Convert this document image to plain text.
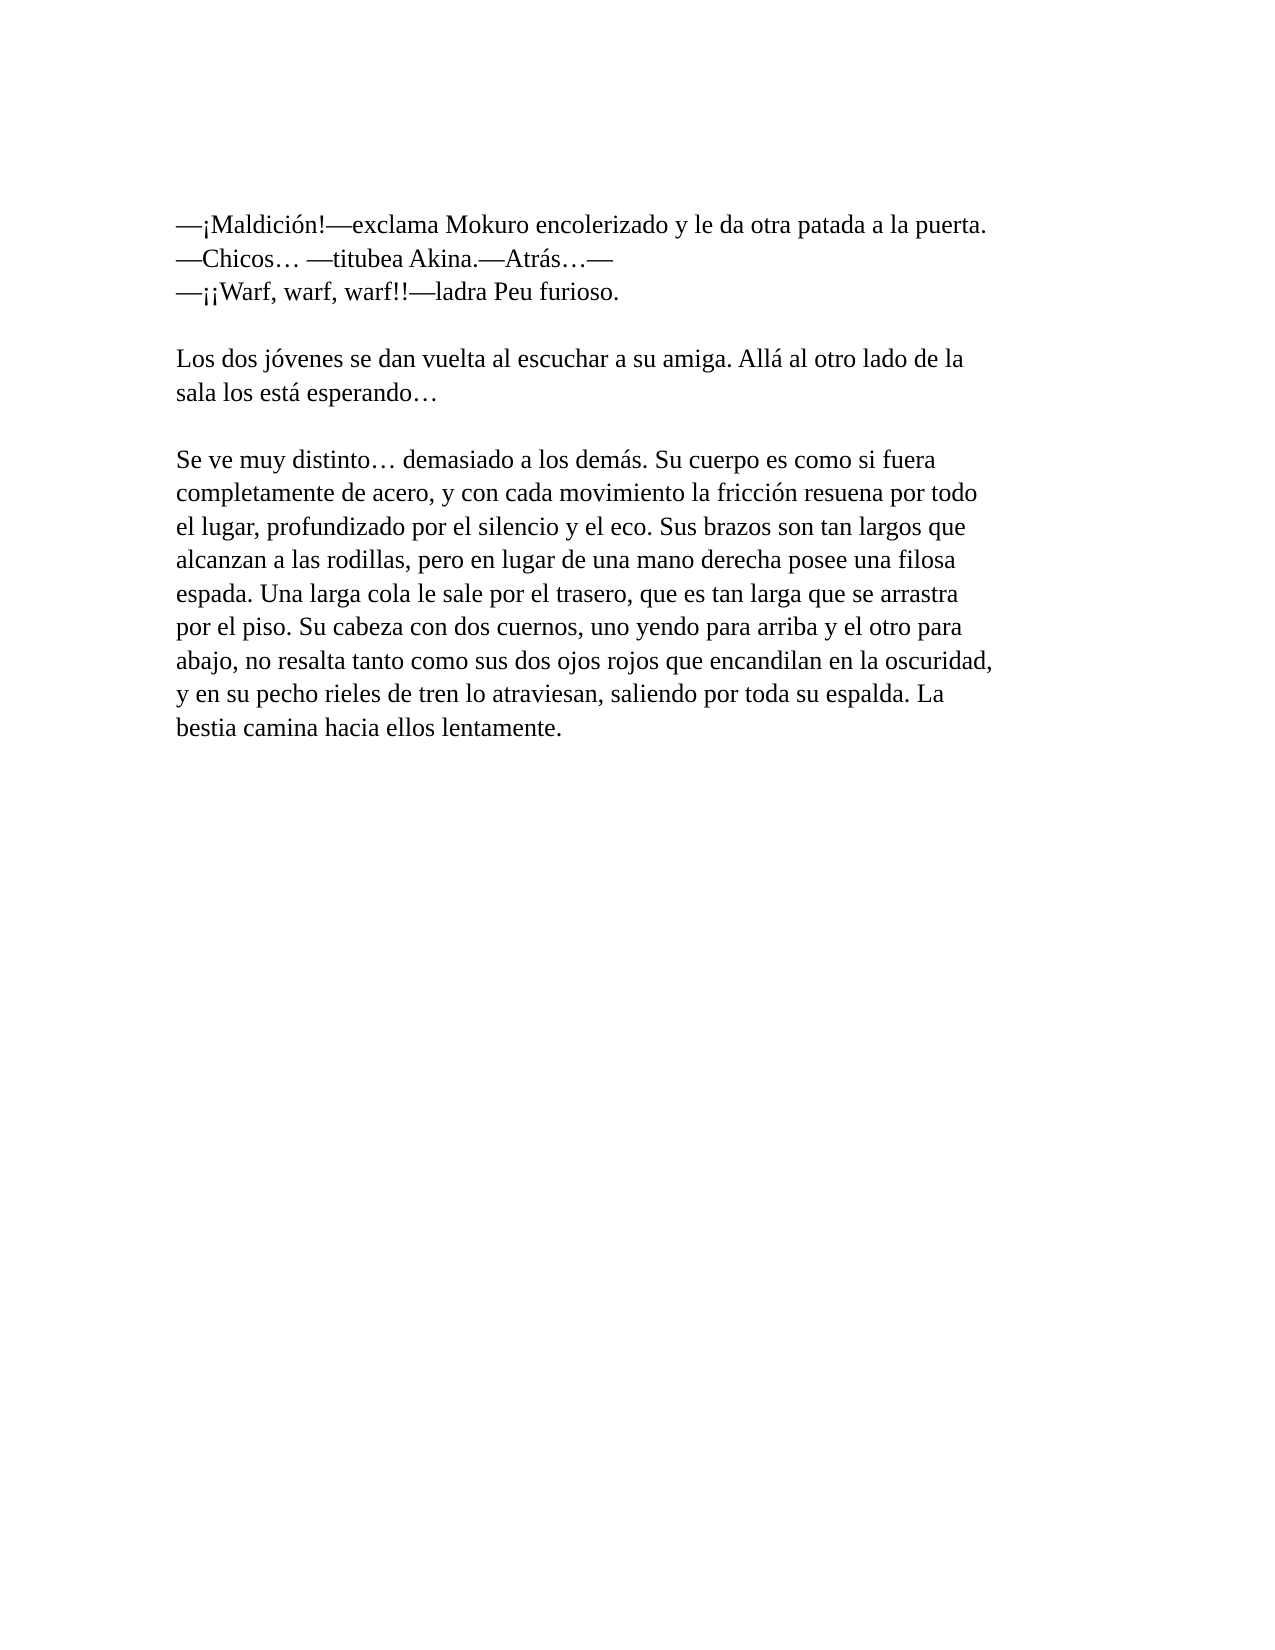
—¡Maldición!—exclama Mokuro encolerizado y le da otra patada a la puerta.
—Chicos… —titubea Akina.—Atrás…—
—¡¡Warf, warf, warf!!—ladra Peu furioso.
Los dos jóvenes se dan vuelta al escuchar a su amiga. Allá al otro lado de la
sala los está esperando…
Se ve muy distinto… demasiado a los demás. Su cuerpo es como si fuera
completamente de acero, y con cada movimiento la fricción resuena por todo
el lugar, profundizado por el silencio y el eco. Sus brazos son tan largos que
alcanzan a las rodillas, pero en lugar de una mano derecha posee una filosa
espada. Una larga cola le sale por el trasero, que es tan larga que se arrastra
por el piso. Su cabeza con dos cuernos, uno yendo para arriba y el otro para
abajo, no resalta tanto como sus dos ojos rojos que encandilan en la oscuridad,
y en su pecho rieles de tren lo atraviesan, saliendo por toda su espalda. La
bestia camina hacia ellos lentamente.
